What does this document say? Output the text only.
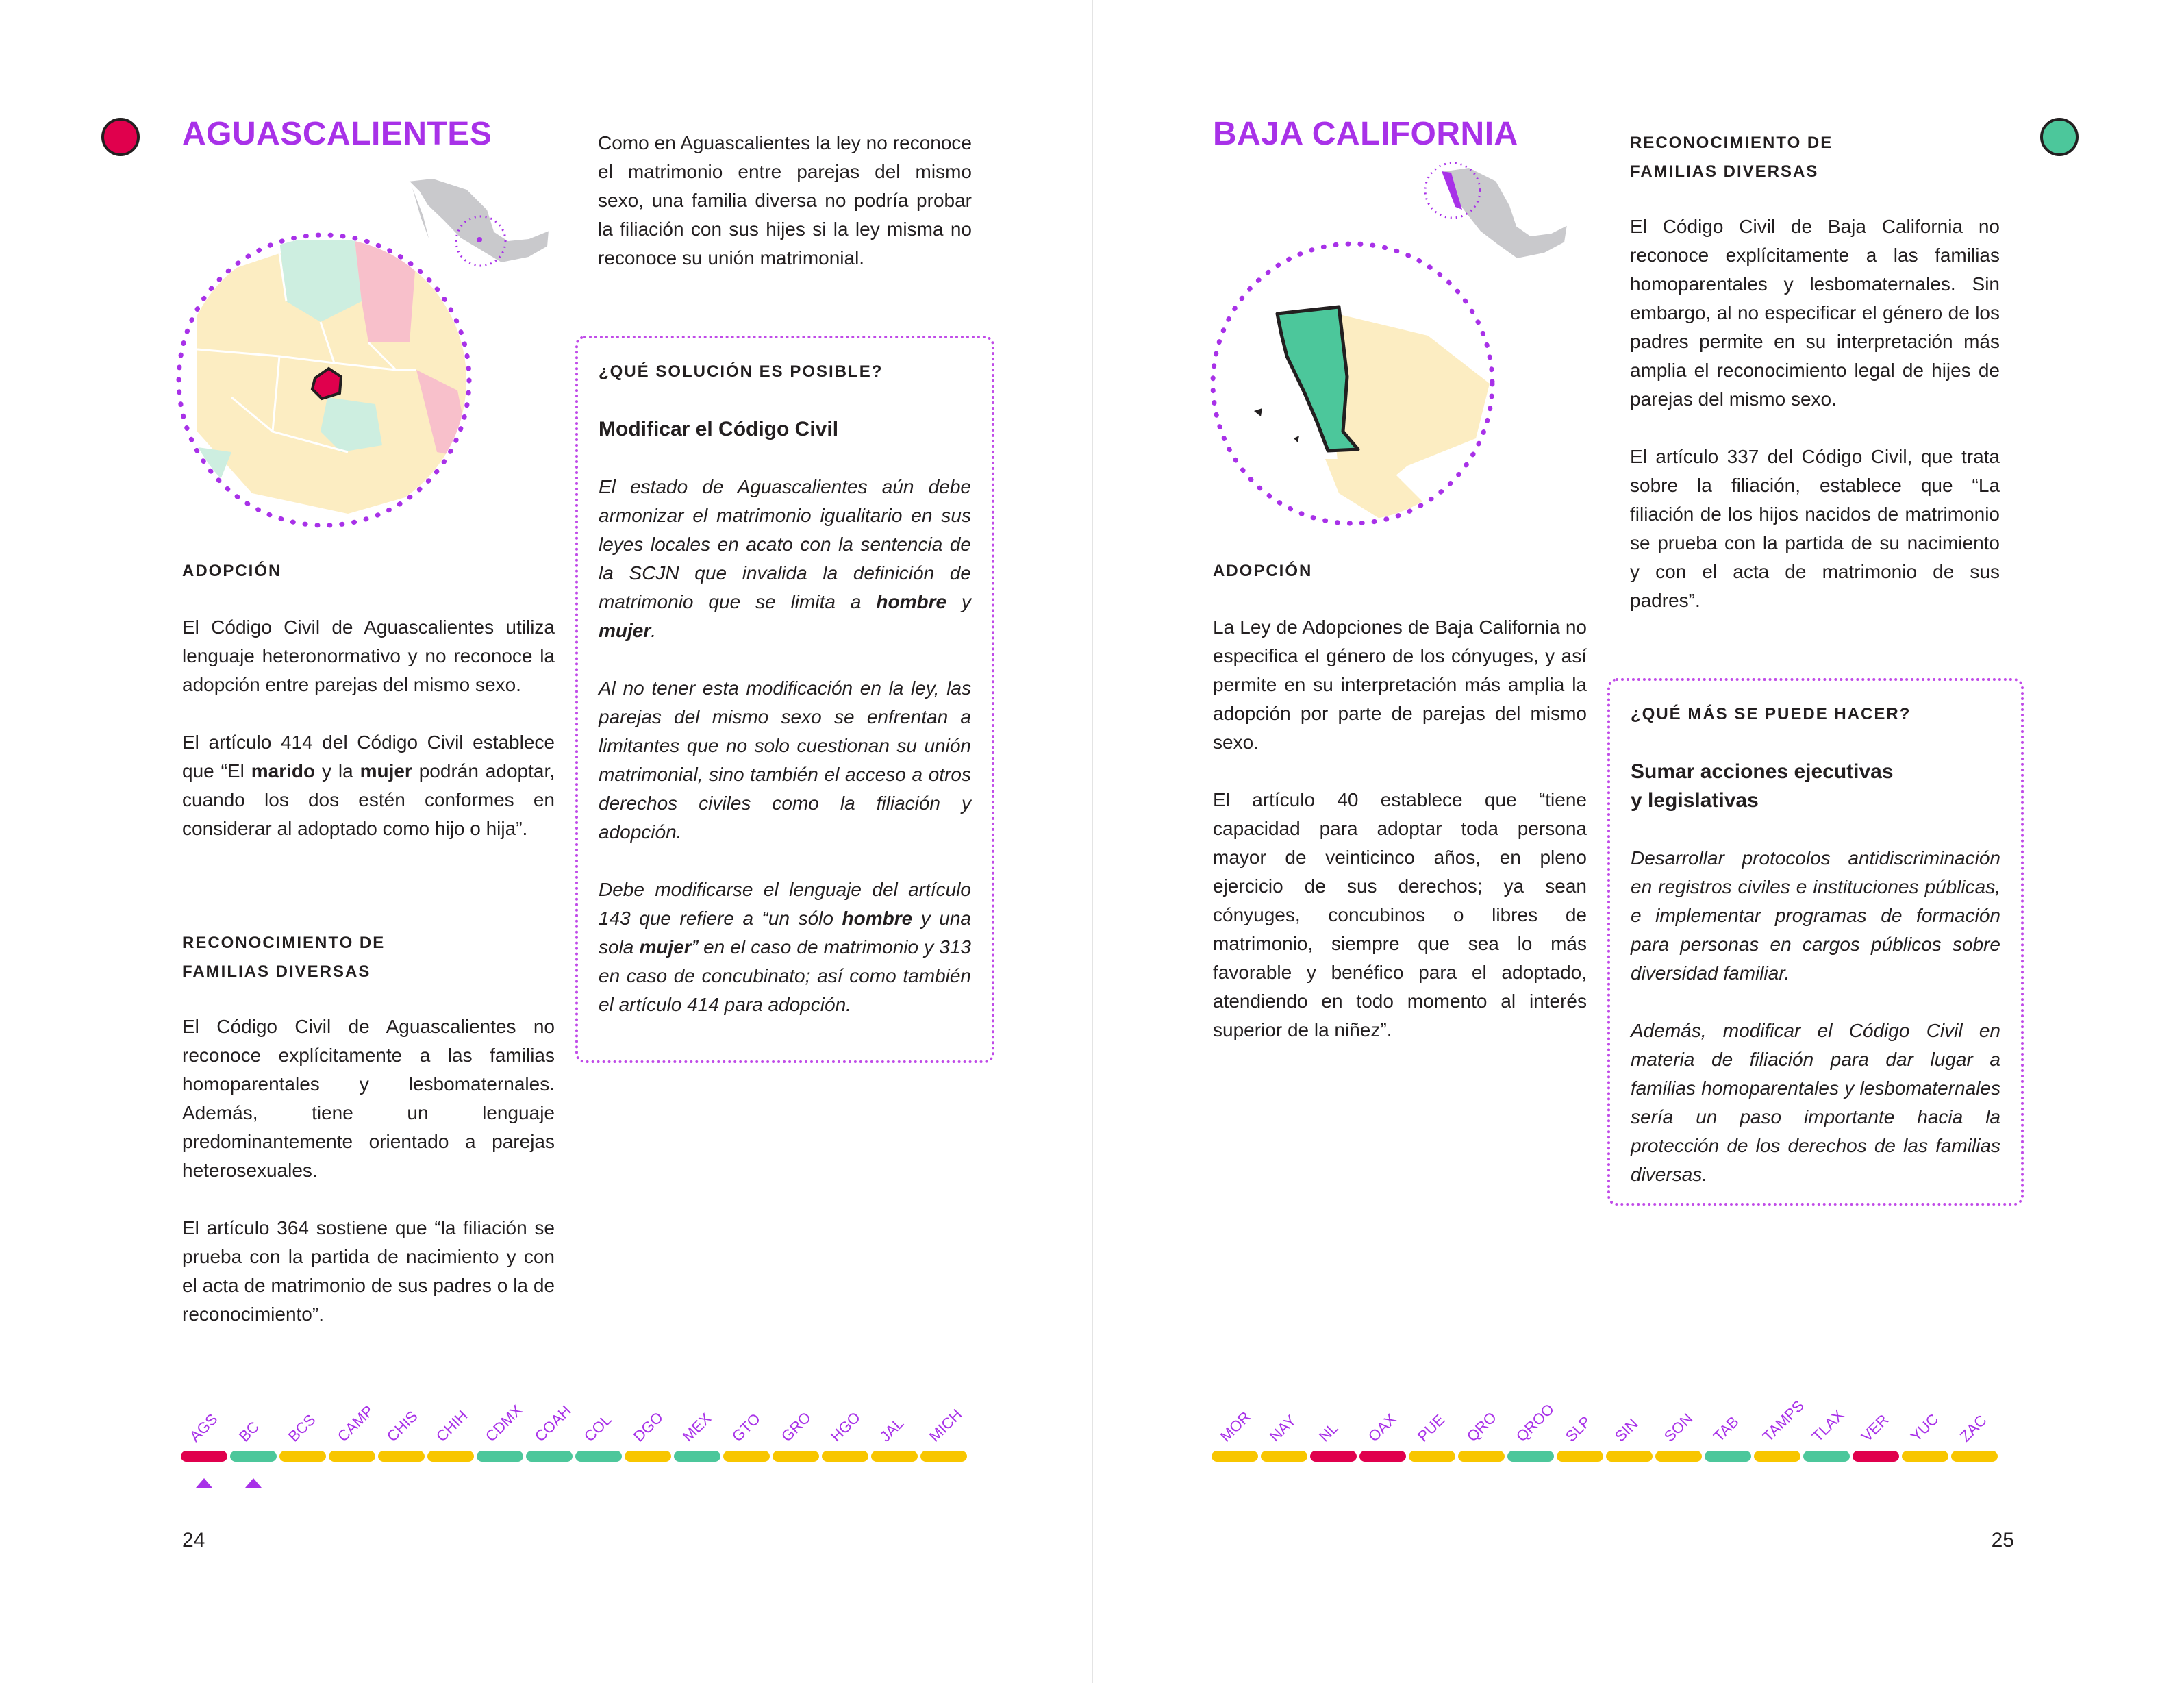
AGUASCALIENTES
ADOPCIÓN

El Código Civil de Aguascalientes utiliza lenguaje heteronormativo y no reconoce la adopción entre parejas del mismo sexo.

El artículo 414 del Código Civil establece que “El marido y la mujer podrán adoptar, cuando los dos estén conformes en considerar al adoptado como hijo o hija”.

RECONOCIMIENTO DE
FAMILIAS DIVERSAS

El Código Civil de Aguascalientes no reconoce explícitamente a las familias homoparentales y lesbomaternales. Además, tiene un lenguaje predominantemente orientado a parejas heterosexuales.

El artículo 364 sostiene que “la filiación se prueba con la partida de nacimiento y con el acta de matrimonio de sus padres o la de reconocimiento”.

Como en Aguascalientes la ley no reconoce el matrimonio entre parejas del mismo sexo, una familia diversa no podría probar la filiación con sus hijes si la ley misma no reconoce su unión matrimonial.
¿QUÉ SOLUCIÓN ES POSIBLE?
Modificar el Código Civil

El estado de Aguascalientes aún debe armonizar el matrimonio igualitario en sus leyes locales en acato con la sentencia de la SCJN que invalida la definición de matrimonio que se limita a hombre y mujer.

Al no tener esta modificación en la ley, las parejas del mismo sexo se enfrentan a limitantes que no solo cuestionan su unión matrimonial, sino también el acceso a otros derechos civiles como la filiación y adopción.

Debe modificarse el lenguaje del artículo 143 que refiere a “un sólo hombre y una sola mujer” en el caso de matrimonio y 313 en caso de concubinato; así como también el artículo 414 para adopción.

AGS BC BCS CAMP CHIS CHIH CDMX COAH COL DGO MEX GTO GRO HGO JAL MICH
24
BAJA CALIFORNIA
ADOPCIÓN

La Ley de Adopciones de Baja California no especifica el género de los cónyuges, y así permite en su interpretación más amplia la adopción por parte de parejas del mismo sexo.

El artículo 40 establece que “tiene capacidad para adoptar toda persona mayor de veinticinco años, en pleno ejercicio de sus derechos; ya sean cónyuges, concubinos o libres de matrimonio, siempre que sea lo más favorable y benéfico para el adoptado, atendiendo en todo momento al interés superior de la niñez”.

RECONOCIMIENTO DE
FAMILIAS DIVERSAS

El Código Civil de Baja California no reconoce explícitamente a las familias homoparentales y lesbomaternales. Sin embargo, al no especificar el género de los padres permite en su interpretación más amplia el reconocimiento legal de hijes de parejas del mismo sexo.

El artículo 337 del Código Civil, que trata sobre la filiación, establece que “La filiación de los hijos nacidos de matrimonio se prueba con la partida de su nacimiento y con el acta de matrimonio de sus padres”.

¿QUÉ MÁS SE PUEDE HACER?
Sumar acciones ejecutivas
y legislativas

Desarrollar protocolos antidiscriminación en registros civiles e instituciones públicas, e implementar programas de formación para personas en cargos públicos sobre diversidad familiar.

Además, modificar el Código Civil en materia de filiación para dar lugar a familias homoparentales y lesbomaternales sería un paso importante hacia la protección de los derechos de las familias diversas.

MOR NAY NL OAX PUE QRO QROO SLP SIN SON TAB TAMPS TLAX VER YUC ZAC
25
